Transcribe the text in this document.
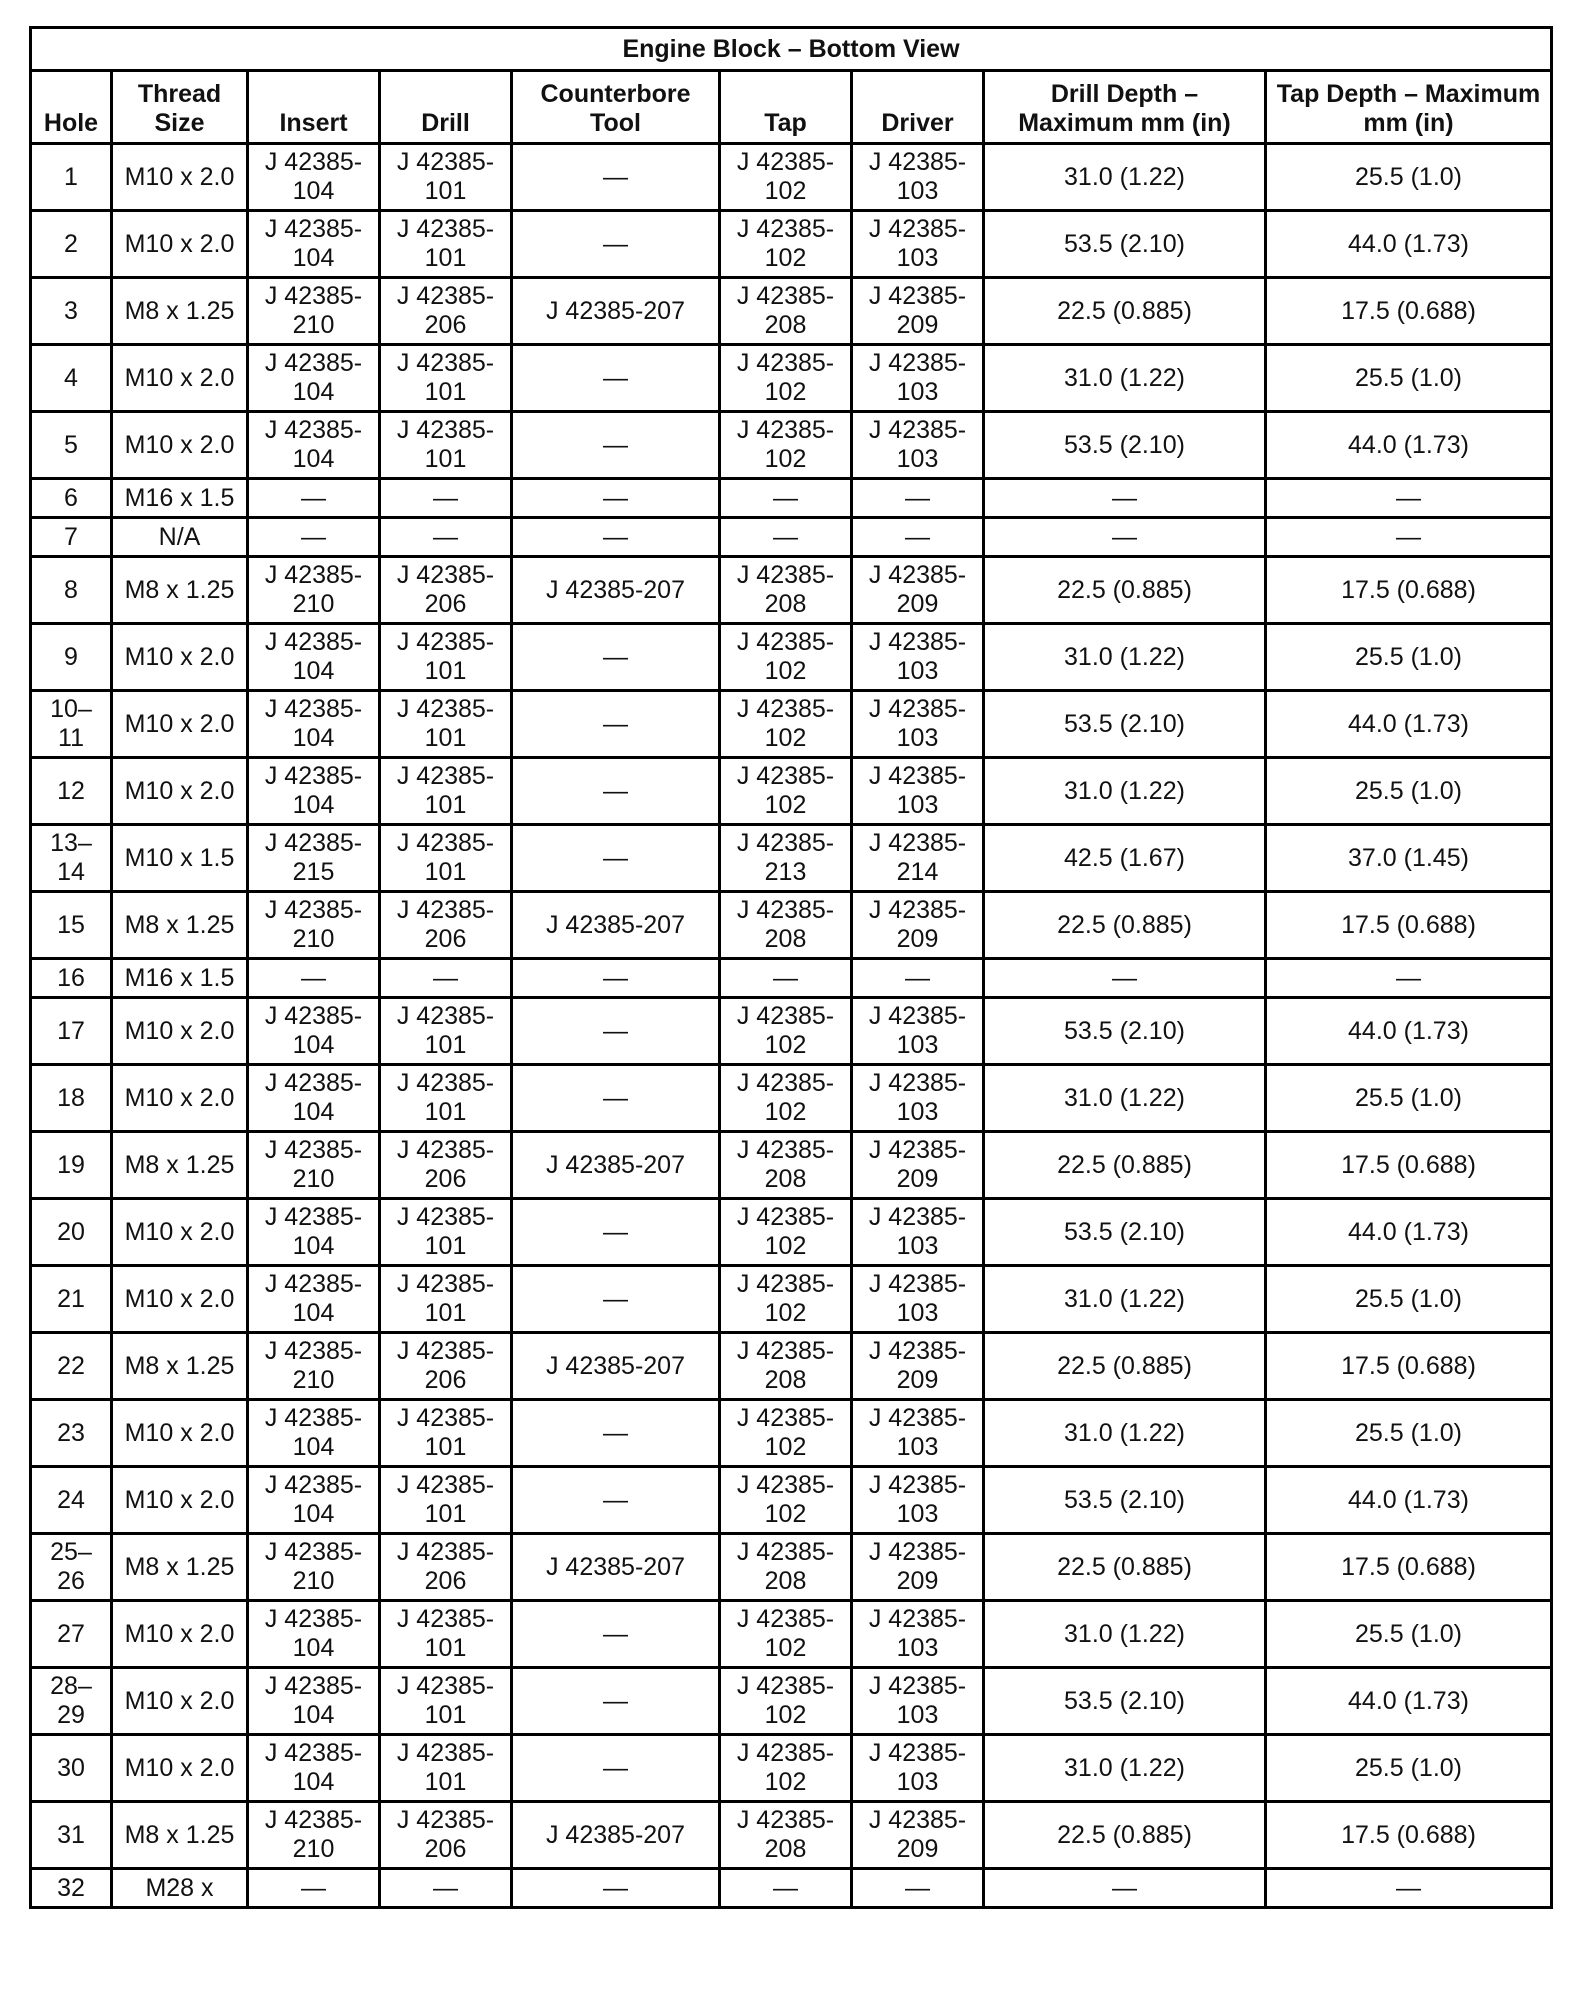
Engine Block – Bottom View								
Hole	Thread Size	Insert	Drill	Counterbore Tool	Tap	Driver	Drill Depth – Maximum mm (in)	Tap Depth – Maximum mm (in)
1	M10 x 2.0	J 42385-104	J 42385-101	—	J 42385-102	J 42385-103	31.0 (1.22)	25.5 (1.0)
2	M10 x 2.0	J 42385-104	J 42385-101	—	J 42385-102	J 42385-103	53.5 (2.10)	44.0 (1.73)
3	M8 x 1.25	J 42385-210	J 42385-206	J 42385-207	J 42385-208	J 42385-209	22.5 (0.885)	17.5 (0.688)
4	M10 x 2.0	J 42385-104	J 42385-101	—	J 42385-102	J 42385-103	31.0 (1.22)	25.5 (1.0)
5	M10 x 2.0	J 42385-104	J 42385-101	—	J 42385-102	J 42385-103	53.5 (2.10)	44.0 (1.73)
6	M16 x 1.5	—	—	—	—	—	—	—
7	N/A	—	—	—	—	—	—	—
8	M8 x 1.25	J 42385-210	J 42385-206	J 42385-207	J 42385-208	J 42385-209	22.5 (0.885)	17.5 (0.688)
9	M10 x 2.0	J 42385-104	J 42385-101	—	J 42385-102	J 42385-103	31.0 (1.22)	25.5 (1.0)
10–11	M10 x 2.0	J 42385-104	J 42385-101	—	J 42385-102	J 42385-103	53.5 (2.10)	44.0 (1.73)
12	M10 x 2.0	J 42385-104	J 42385-101	—	J 42385-102	J 42385-103	31.0 (1.22)	25.5 (1.0)
13–14	M10 x 1.5	J 42385-215	J 42385-101	—	J 42385-213	J 42385-214	42.5 (1.67)	37.0 (1.45)
15	M8 x 1.25	J 42385-210	J 42385-206	J 42385-207	J 42385-208	J 42385-209	22.5 (0.885)	17.5 (0.688)
16	M16 x 1.5	—	—	—	—	—	—	—
17	M10 x 2.0	J 42385-104	J 42385-101	—	J 42385-102	J 42385-103	53.5 (2.10)	44.0 (1.73)
18	M10 x 2.0	J 42385-104	J 42385-101	—	J 42385-102	J 42385-103	31.0 (1.22)	25.5 (1.0)
19	M8 x 1.25	J 42385-210	J 42385-206	J 42385-207	J 42385-208	J 42385-209	22.5 (0.885)	17.5 (0.688)
20	M10 x 2.0	J 42385-104	J 42385-101	—	J 42385-102	J 42385-103	53.5 (2.10)	44.0 (1.73)
21	M10 x 2.0	J 42385-104	J 42385-101	—	J 42385-102	J 42385-103	31.0 (1.22)	25.5 (1.0)
22	M8 x 1.25	J 42385-210	J 42385-206	J 42385-207	J 42385-208	J 42385-209	22.5 (0.885)	17.5 (0.688)
23	M10 x 2.0	J 42385-104	J 42385-101	—	J 42385-102	J 42385-103	31.0 (1.22)	25.5 (1.0)
24	M10 x 2.0	J 42385-104	J 42385-101	—	J 42385-102	J 42385-103	53.5 (2.10)	44.0 (1.73)
25–26	M8 x 1.25	J 42385-210	J 42385-206	J 42385-207	J 42385-208	J 42385-209	22.5 (0.885)	17.5 (0.688)
27	M10 x 2.0	J 42385-104	J 42385-101	—	J 42385-102	J 42385-103	31.0 (1.22)	25.5 (1.0)
28–29	M10 x 2.0	J 42385-104	J 42385-101	—	J 42385-102	J 42385-103	53.5 (2.10)	44.0 (1.73)
30	M10 x 2.0	J 42385-104	J 42385-101	—	J 42385-102	J 42385-103	31.0 (1.22)	25.5 (1.0)
31	M8 x 1.25	J 42385-210	J 42385-206	J 42385-207	J 42385-208	J 42385-209	22.5 (0.885)	17.5 (0.688)
32	M28 x	—	—	—	—	—	—	—
